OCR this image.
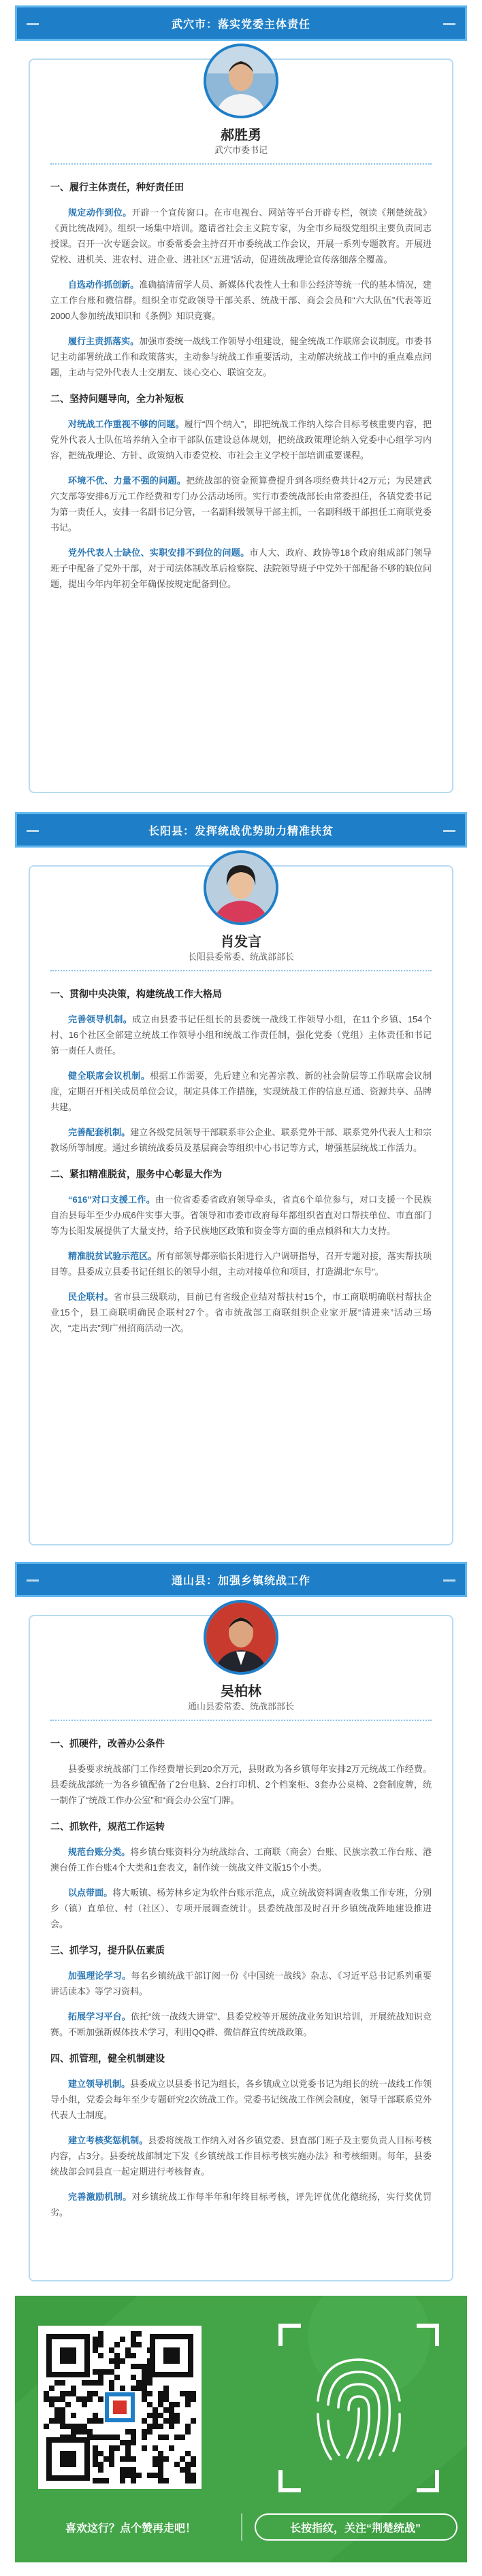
武穴市：落实党委主体责任
郝胜勇
武穴市委书记
一、履行主体责任，种好责任田

规定动作到位。开辟一个宣传窗口。在市电视台、网站等平台开辟专栏，领读《荆楚统战》《黄比统战网》。组织一场集中培训。邀请省社会主义院专家，为全市乡局级党组织主要负责同志授课。召开一次专题会议。市委常委会主持召开市委统战工作会议，开展一系列专题教育。开展进党校、进机关、进农村、进企业、进社区“五进”活动，促进统战理论宣传落细落全覆盖。

自选动作抓创新。准确搞清留学人员、新媒体代表性人士和非公经济等统一代的基本情况，建立工作台账和微信群。组织全市党政领导干部关系、统战干部、商会会员和“六大队伍”代表等近2000人参加统战知识和《条例》知识竞赛。

履行主责抓落实。加强市委统一战线工作领导小组建设，健全统战工作联席会议制度。市委书记主动部署统战工作和政策落实，主动参与统战工作重要活动，主动解决统战工作中的重点难点问题，主动与党外代表人士交朋友、谈心交心、联谊交友。

二、坚持问题导向，全力补短板

对统战工作重视不够的问题。履行“四个纳入”，即把统战工作纳入综合目标考核重要内容，把党外代表人士队伍培养纳入全市干部队伍建设总体规划，把统战政策理论纳入党委中心组学习内容，把统战理论、方针、政策纳入市委党校、市社会主义学校干部培训重要课程。

环境不优、力量不强的问题。把统战部的资金预算费提升到各项经费共计42万元；为民建武穴支部等安排6万元工作经费和专门办公活动场所。实行市委统战部长由常委担任，各镇党委书记为第一责任人，安排一名副书记分管，一名副科级领导干部主抓，一名副科级干部担任工商联党委书记。

党外代表人士缺位、实职安排不到位的问题。市人大、政府、政协等18个政府组成部门领导班子中配备了党外干部，对于司法体制改革后检察院、法院领导班子中党外干部配备不够的缺位问题，提出今年内年初全年确保按规定配备到位。

长阳县：发挥统战优势助力精准扶贫
肖发言
长阳县委常委、统战部部长
一、贯彻中央决策，构建统战工作大格局

完善领导机制。成立由县委书记任组长的县委统一战线工作领导小组，在11个乡镇、154个村、16个社区全部建立统战工作领导小组和统战工作责任制，强化党委（党组）主体责任和书记第一责任人责任。

健全联席会议机制。根据工作需要，先后建立和完善宗教、新的社会阶层等工作联席会议制度，定期召开相关成员单位会议，制定具体工作措施，实现统战工作的信息互通、资源共享、品牌共建。

完善配套机制。建立各级党员领导干部联系非公企业、联系党外干部、联系党外代表人士和宗教场所等制度。通过乡镇统战委员及基层商会等组织中心书记等方式，增强基层统战工作活力。

二、紧扣精准脱贫，服务中心彰显大作为

“616”对口支援工作。由一位省委委省政府领导牵头，省直6个单位参与，对口支援一个民族自治县每年至少办成6件实事大事。省领导和市委市政府每年都组织省直对口帮扶单位、市直部门等为长阳发展提供了大量支持，给予民族地区政策和资金等方面的重点倾斜和大力支持。

精准脱贫试验示范区。所有部领导都亲临长阳进行入户调研指导，召开专题对接，落实帮扶项目等。县委成立县委书记任组长的领导小组，主动对接单位和项目，打造湖北“东号”。

民企联村。省市县三级联动，目前已有省级企业结对帮扶村15个，市工商联明确联村帮扶企业15个，县工商联明确民企联村27个。省市统战部工商联组织企业家开展“清进来”活动三场次，“走出去”到广州招商活动一次。

通山县：加强乡镇统战工作
吴柏林
通山县委常委、统战部部长
一、抓硬件，改善办公条件

县委要求统战部门工作经费增长到20余万元，县财政为各乡镇每年安排2万元统战工作经费。县委统战部统一为各乡镇配备了2台电脑、2台打印机、2个档案柜、3套办公桌椅、2套制度牌，统一制作了“统战工作办公室”和“商会办公室”门牌。

二、抓软件，规范工作运转

规范台账分类。将乡镇台账资料分为统战综合、工商联（商会）台账、民族宗教工作台账、港澳台侨工作台账4个大类和1套表文，制作统一统战文件文版15个小类。

以点带面。将大畈镇、杨芳林乡定为软件台账示范点，成立统战资料调查收集工作专班，分别乡（镇）直单位、村（社区）、专项开展调查统计。县委统战部及时召开乡镇统战阵地建设推进会。

三、抓学习，提升队伍素质

加强理论学习。每名乡镇统战干部订阅一份《中国统一战线》杂志、《习近平总书记系列重要讲话读本》等学习资料。

拓展学习平台。依托“统一战线大讲堂”、县委党校等开展统战业务知识培训，开展统战知识竞赛。不断加强新媒体技术学习，利用QQ群、微信群宣传统战政策。

四、抓管理，健全机制建设

建立领导机制。县委成立以县委书记为组长，各乡镇成立以党委书记为组长的统一战线工作领导小组，党委会每年至少专题研究2次统战工作。党委书记统战工作例会制度，领导干部联系党外代表人士制度。

建立考核奖惩机制。县委将统战工作纳入对各乡镇党委、县直部门班子及主要负责人目标考核内容，占3分。县委统战部制定下发《乡镇统战工作目标考核实施办法》和考核细则。每年，县委统战部会同县直一起定期进行考核督查。

完善激励机制。对乡镇统战工作每半年和年终目标考核，评先评优优化德统扬，实行奖优罚劣。

喜欢这行？点个赞再走吧！	长按指纹，关注“荆楚统战”
